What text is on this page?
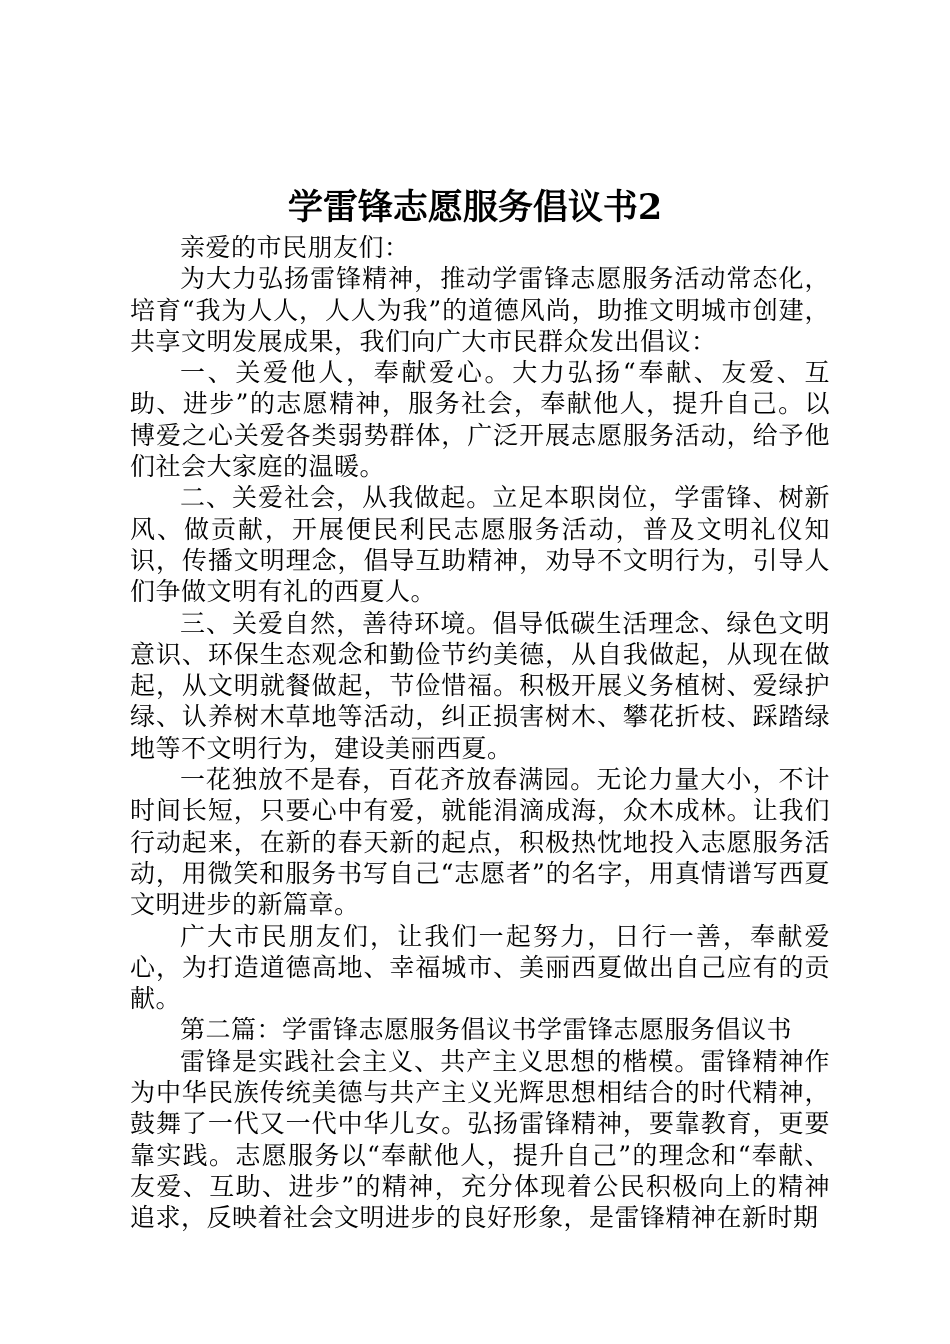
学雷锋志愿服务倡议书2

亲爱的市民朋友们：

为大力弘扬雷锋精神，推动学雷锋志愿服务活动常态化，培育“我为人人，人人为我”的道德风尚，助推文明城市创建，共享文明发展成果，我们向广大市民群众发出倡议：

一、关爱他人，奉献爱心。大力弘扬“奉献、友爱、互助、进步”的志愿精神，服务社会，奉献他人，提升自己。以博爱之心关爱各类弱势群体，广泛开展志愿服务活动，给予他们社会大家庭的温暖。

二、关爱社会，从我做起。立足本职岗位，学雷锋、树新风、做贡献，开展便民利民志愿服务活动，普及文明礼仪知识，传播文明理念，倡导互助精神，劝导不文明行为，引导人们争做文明有礼的西夏人。

三、关爱自然，善待环境。倡导低碳生活理念、绿色文明意识、环保生态观念和勤俭节约美德，从自我做起，从现在做起，从文明就餐做起，节俭惜福。积极开展义务植树、爱绿护绿、认养树木草地等活动，纠正损害树木、攀花折枝、踩踏绿地等不文明行为，建设美丽西夏。

一花独放不是春，百花齐放春满园。无论力量大小，不计时间长短，只要心中有爱，就能涓滴成海，众木成林。让我们行动起来，在新的春天新的起点，积极热忱地投入志愿服务活动，用微笑和服务书写自己“志愿者”的名字，用真情谱写西夏文明进步的新篇章。

广大市民朋友们，让我们一起努力，日行一善，奉献爱心，为打造道德高地、幸福城市、美丽西夏做出自己应有的贡献。

第二篇：学雷锋志愿服务倡议书学雷锋志愿服务倡议书

雷锋是实践社会主义、共产主义思想的楷模。雷锋精神作为中华民族传统美德与共产主义光辉思想相结合的时代精神，鼓舞了一代又一代中华儿女。弘扬雷锋精神，要靠教育，更要靠实践。志愿服务以“奉献他人，提升自己”的理念和“奉献、友爱、互助、进步”的精神，充分体现着公民积极向上的精神追求，反映着社会文明进步的良好形象，是雷锋精神在新时期
